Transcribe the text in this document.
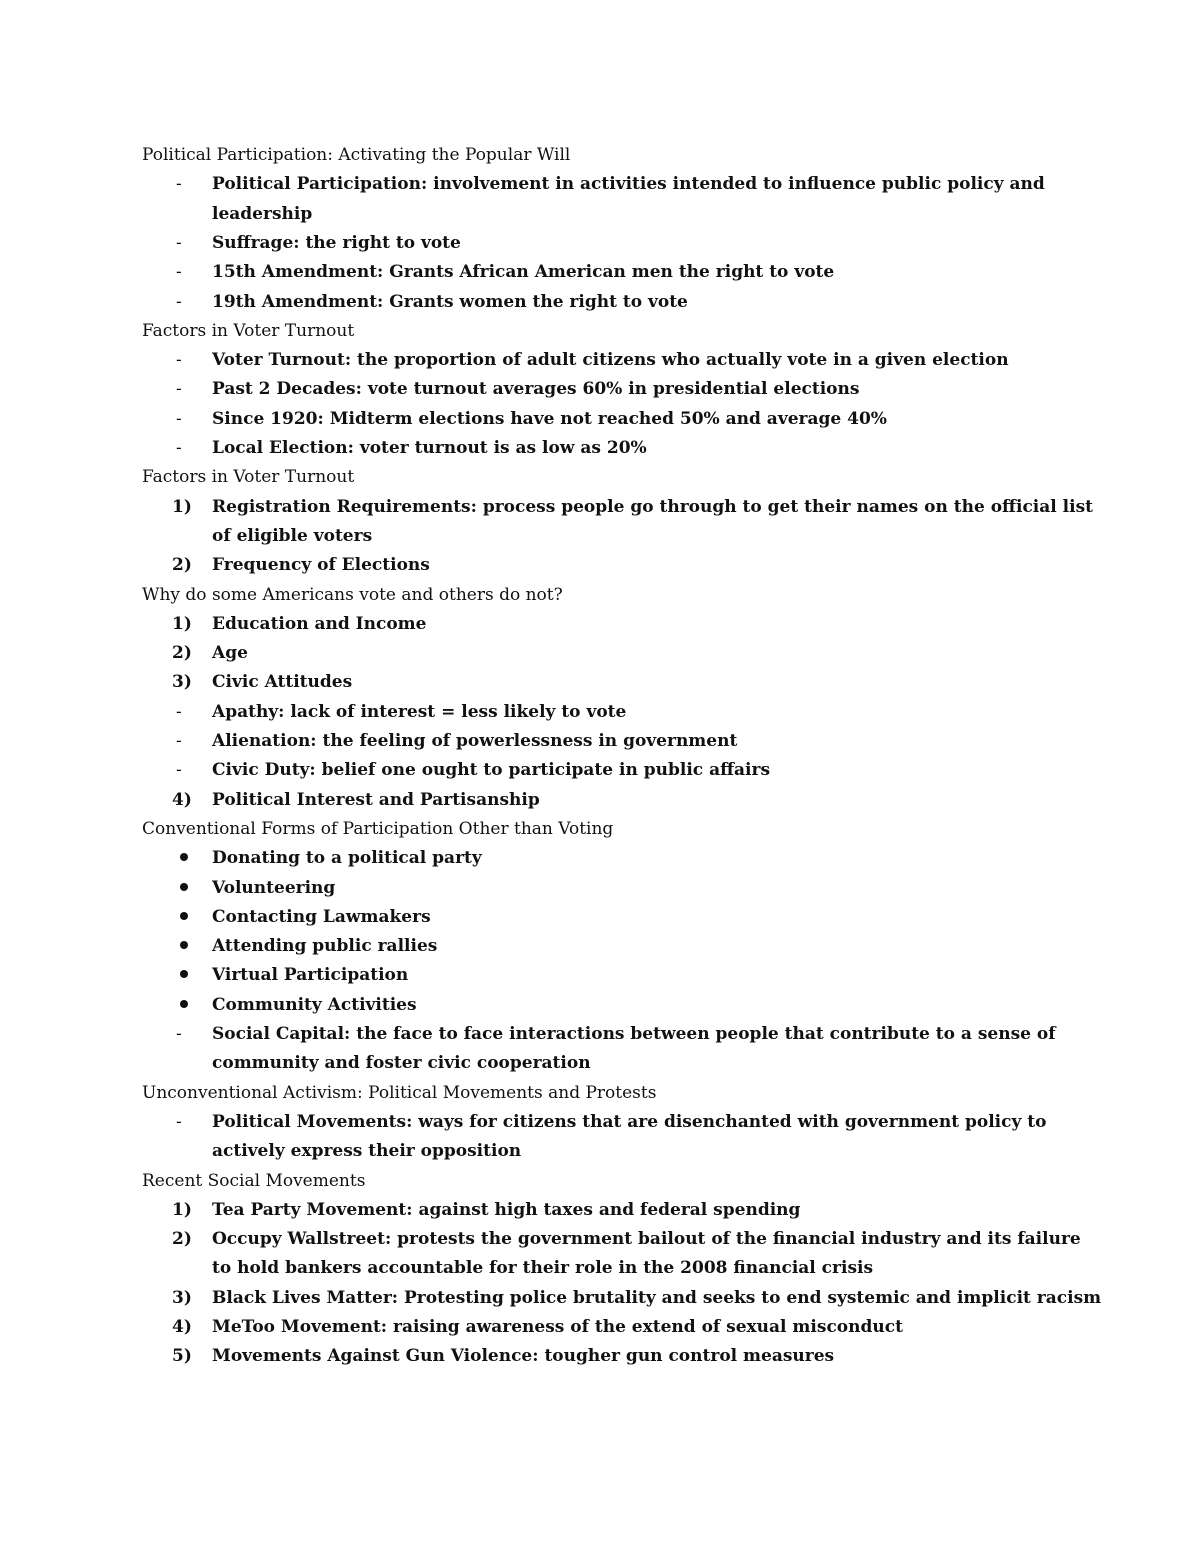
Political Participation: Activating the Popular Will
-	Political Participation: involvement in activities intended to influence public policy and
leadership
-	Suffrage: the right to vote
-	15th Amendment: Grants African American men the right to vote
-	19th Amendment: Grants women the right to vote
Factors in Voter Turnout
-	Voter Turnout: the proportion of adult citizens who actually vote in a given election
-	Past 2 Decades: vote turnout averages 60% in presidential elections
-	Since 1920: Midterm elections have not reached 50% and average 40%
-	Local Election: voter turnout is as low as 20%
Factors in Voter Turnout
1)	Registration Requirements: process people go through to get their names on the official list
of eligible voters
2)	Frequency of Elections
Why do some Americans vote and others do not?
1)	Education and Income
2)	Age
3)	Civic Attitudes
-	Apathy: lack of interest = less likely to vote
-	Alienation: the feeling of powerlessness in government
-	Civic Duty: belief one ought to participate in public affairs
4)	Political Interest and Partisanship
Conventional Forms of Participation Other than Voting
Donating to a political party
Volunteering
Contacting Lawmakers
Attending public rallies
Virtual Participation
Community Activities
-	Social Capital: the face to face interactions between people that contribute to a sense of
community and foster civic cooperation
Unconventional Activism: Political Movements and Protests
-	Political Movements: ways for citizens that are disenchanted with government policy to
actively express their opposition
Recent Social Movements
1)	Tea Party Movement: against high taxes and federal spending
2)	Occupy Wallstreet: protests the government bailout of the financial industry and its failure
to hold bankers accountable for their role in the 2008 financial crisis
3)	Black Lives Matter: Protesting police brutality and seeks to end systemic and implicit racism
4)	MeToo Movement: raising awareness of the extend of sexual misconduct
5)	Movements Against Gun Violence: tougher gun control measures
